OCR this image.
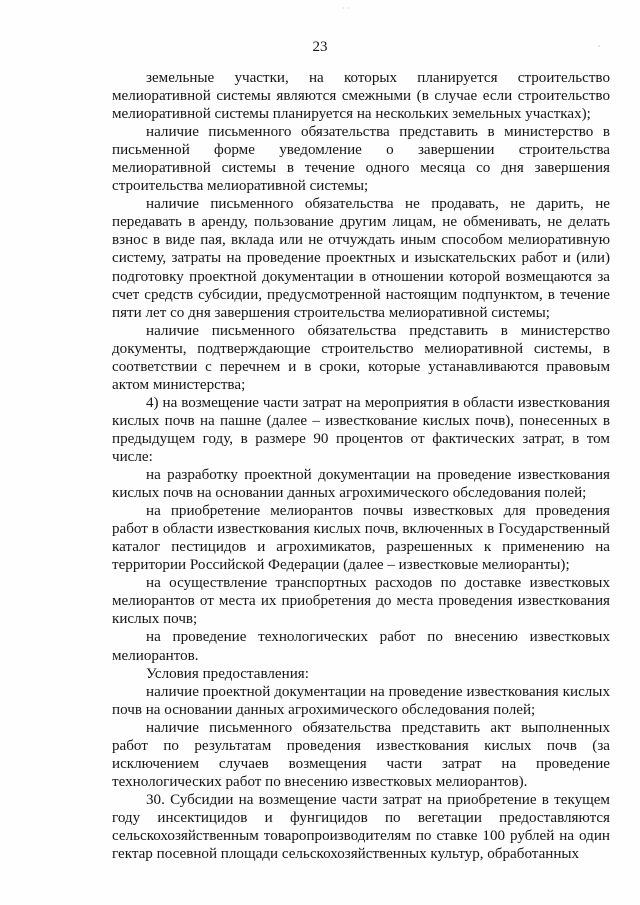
23

земельные участки, на которых планируется строительство мелиоративной системы являются смежными (в случае если строительство мелиоративной системы планируется на нескольких земельных участках);

наличие письменного обязательства представить в министерство в письменной форме уведомление о завершении строительства мелиоративной системы в течение одного месяца со дня завершения строительства мелиоративной системы;

наличие письменного обязательства не продавать, не дарить, не передавать в аренду, пользование другим лицам, не обменивать, не делать взнос в виде пая, вклада или не отчуждать иным способом мелиоративную систему, затраты на проведение проектных и изыскательских работ и (или) подготовку проектной документации в отношении которой возмещаются за счет средств субсидии, предусмотренной настоящим подпунктом, в течение пяти лет со дня завершения строительства мелиоративной системы;

наличие письменного обязательства представить в министерство документы, подтверждающие строительство мелиоративной системы, в соответствии с перечнем и в сроки, которые устанавливаются правовым актом министерства;

4) на возмещение части затрат на мероприятия в области известкования кислых почв на пашне (далее – известкование кислых почв), понесенных в предыдущем году, в размере 90 процентов от фактических затрат, в том числе:

на разработку проектной документации на проведение известкования кислых почв на основании данных агрохимического обследования полей;

на приобретение мелиорантов почвы известковых для проведения работ в области известкования кислых почв, включенных в Государственный каталог пестицидов и агрохимикатов, разрешенных к применению на территории Российской Федерации (далее – известковые мелиоранты);

на осуществление транспортных расходов по доставке известковых мелиорантов от места их приобретения до места проведения известкования кислых почв;

на проведение технологических работ по внесению известковых мелиорантов.

Условия предоставления:

наличие проектной документации на проведение известкования кислых почв на основании данных агрохимического обследования полей;

наличие письменного обязательства представить акт выполненных работ по результатам проведения известкования кислых почв (за исключением случаев возмещения части затрат на проведение технологических работ по внесению известковых мелиорантов).

30. Субсидии на возмещение части затрат на приобретение в текущем году инсектицидов и фунгицидов по вегетации предоставляются сельскохозяйственным товаропроизводителям по ставке 100 рублей на один гектар посевной площади сельскохозяйственных культур, обработанных

· ·
'
